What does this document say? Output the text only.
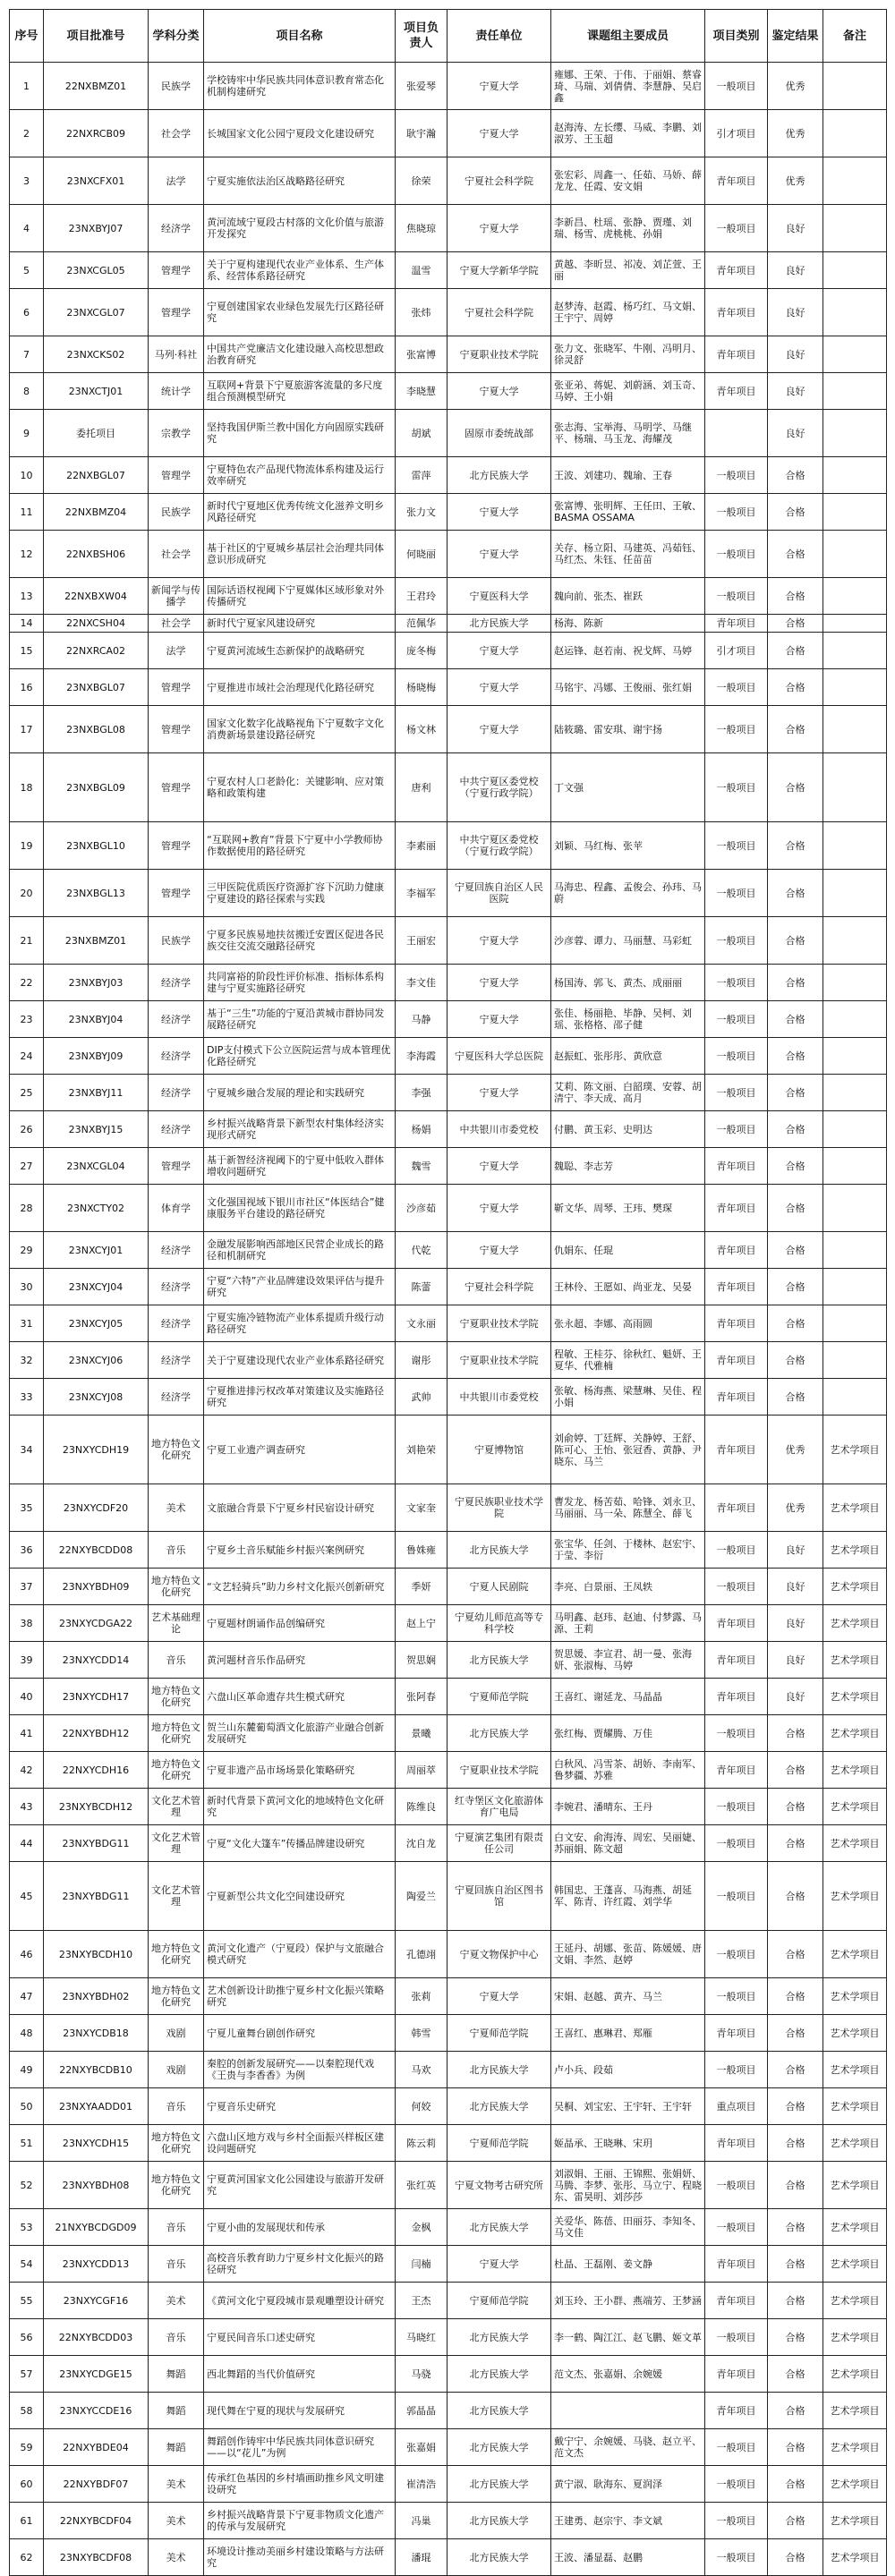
序号	项目批准号	学科分类	项目名称	项目负责人	责任单位	课题组主要成员	项目类别	鉴定结果	备注
1	22NXBMZ01	民族学	学校铸牢中华民族共同体意识教育常态化机制构建研究	张爱琴	宁夏大学	雍娜、王荣、于伟、于丽娟、蔡睿琦、马瑞、刘倩倩、李慧静、吴启鑫	一般项目	优秀	
2	22NXRCB09	社会学	长城国家文化公园宁夏段文化建设研究	耿宇瀚	宁夏大学	赵海涛、左长缨、马威、李鹏、刘淑芳、王玉超	引才项目	优秀	
3	23NXCFX01	法学	宁夏实施依法治区战略路径研究	徐荣	宁夏社会科学院	张宏彩、周鑫一、任茹、马娇、薛龙龙、任霞、安文娟	青年项目	优秀	
4	23NXBYJ07	经济学	黄河流域宁夏段古村落的文化价值与旅游开发探究	焦晓琼	宁夏大学	李新昌、杜瑶、张静、贾瑾、刘瑞、杨雪、虎桃桃、孙娟	一般项目	良好	
5	23NXCGL05	管理学	关于宁夏构建现代农业产业体系、生产体系、经营体系路径研究	温雪	宁夏大学新华学院	黄越、李昕昱、祁凌、刘芷萱、王丽	青年项目	良好	
6	23NXCGL07	管理学	宁夏创建国家农业绿色发展先行区路径研究	张炜	宁夏社会科学院	赵梦涛、赵霞、杨巧红、马文娟、王宇宁、周婷	青年项目	良好	
7	23NXCKS02	马列·科社	中国共产党廉洁文化建设融入高校思想政治教育研究	张富博	宁夏职业技术学院	张力文、张晓军、牛刚、冯明月、徐灵舒	青年项目	良好	
8	23NXCTJ01	统计学	互联网+背景下宁夏旅游客流量的多尺度组合预测模型研究	李晓慧	宁夏大学	张亚弟、蒋妮、刘蔚涵、刘玉奇、马婷、王小娟	青年项目	良好	
9	委托项目	宗教学	坚持我国伊斯兰教中国化方向固原实践研究	胡斌	固原市委统战部	张志海、宝举海、马明学、马继平、杨瑞、马玉龙、海耀茂		良好	
10	22NXBGL07	管理学	宁夏特色农产品现代物流体系构建及运行效率研究	雷萍	北方民族大学	王波、刘建功、魏瑜、王春	一般项目	合格	
11	22NXBMZ04	民族学	新时代宁夏地区优秀传统文化滋养文明乡风路径研究	张力文	宁夏大学	张富博、张明辉、王任田、王敏、BASMA OSSAMA	一般项目	合格	
12	22NXBSH06	社会学	基于社区的宁夏城乡基层社会治理共同体意识形成研究	何晓丽	宁夏大学	关存、杨立阳、马建英、冯茹钰、马红杰、朱钰、任苗苗	一般项目	合格	
13	22NXBXW04	新闻学与传播学	国际话语权视阈下宁夏媒体区域形象对外传播研究	王君玲	宁夏医科大学	魏向前、张杰、崔跃	一般项目	合格	
14	22NXCSH04	社会学	新时代宁夏家风建设研究	范佩华	北方民族大学	杨海、陈新	青年项目	合格	
15	22NXRCA02	法学	宁夏黄河流域生态新保护的战略研究	庞冬梅	宁夏大学	赵运锋、赵若南、祝戈辉、马婷	引才项目	合格	
16	23NXBGL07	管理学	宁夏推进市域社会治理现代化路径研究	杨晓梅	宁夏大学	马铭宇、冯娜、王俊丽、张红娟	一般项目	合格	
17	23NXBGL08	管理学	国家文化数字化战略视角下宁夏数字文化消费新场景建设路径研究	杨文林	宁夏大学	陆筱璐、雷安琪、谢宇扬	一般项目	合格	
18	23NXBGL09	管理学	宁夏农村人口老龄化：关键影响、应对策略和政策构建	唐利	中共宁夏区委党校（宁夏行政学院）	丁文强	一般项目	合格	
19	23NXBGL10	管理学	“互联网+教育”背景下宁夏中小学教师协作数据使用的路径研究	李素丽	中共宁夏区委党校（宁夏行政学院）	刘颖、马红梅、张苹	一般项目	合格	
20	23NXBGL13	管理学	三甲医院优质医疗资源扩容下沉助力健康宁夏建设的路径探索与实践	李福军	宁夏回族自治区人民医院	马海忠、程鑫、孟俊会、孙玮、马蔚	一般项目	合格	
21	23NXBMZ01	民族学	宁夏多民族易地扶贫搬迁安置区促进各民族交往交流交融路径研究	王丽宏	宁夏大学	沙彦蓉、谭力、马丽慧、马彩虹	一般项目	合格	
22	23NXBYJ03	经济学	共同富裕的阶段性评价标准、指标体系构建与宁夏实施路径研究	李文佳	宁夏大学	杨国涛、郭飞、黄杰、成丽丽	一般项目	合格	
23	23NXBYJ04	经济学	基于“三生”功能的宁夏沿黄城市群协同发展路径研究	马静	宁夏大学	张佳、杨丽艳、毕静、吴柯、刘瑶、张格格、邵子健	一般项目	合格	
24	23NXBYJ09	经济学	DIP支付模式下公立医院运营与成本管理优化路径研究	李海霞	宁夏医科大学总医院	赵振虹、张彤彤、黄欣意	一般项目	合格	
25	23NXBYJ11	经济学	宁夏城乡融合发展的理论和实践研究	李强	宁夏大学	艾莉、陈文丽、白韶璞、安蓉、胡清宁、李天成、高月	一般项目	合格	
26	23NXBYJ15	经济学	乡村振兴战略背景下新型农村集体经济实现形式研究	杨娟	中共银川市委党校	付鹏、黄玉彩、史明达	一般项目	合格	
27	23NXCGL04	管理学	基于新智经济视阈下的宁夏中低收入群体增收问题研究	魏雪	宁夏大学	魏聪、李志芳	青年项目	合格	
28	23NXCTY02	体育学	文化强国视域下银川市社区“体医结合”健康服务平台建设的路径研究	沙彦茹	宁夏大学	靳文华、周琴、王玮、樊琛	青年项目	合格	
29	23NXCYJ01	经济学	金融发展影响西部地区民营企业成长的路径和机制研究	代乾	宁夏大学	仇娟东、任琨	青年项目	合格	
30	23NXCYJ04	经济学	宁夏“六特”产业品牌建设效果评估与提升研究	陈蕾	宁夏社会科学院	王林伶、王愿如、尚亚龙、吴晏	青年项目	合格	
31	23NXCYJ05	经济学	宁夏实施冷链物流产业体系提质升级行动路径研究	文永丽	宁夏职业技术学院	张永超、李娜、高雨圆	青年项目	合格	
32	23NXCYJ06	经济学	关于宁夏建设现代农业产业体系路径研究	谢彤	宁夏职业技术学院	程敏、王桂芬、徐秋红、魁妍、王夏华、代雅楠	青年项目	合格	
33	23NXCYJ08	经济学	宁夏推进排污权改革对策建议及实施路径研究	武帅	中共银川市委党校	张敏、杨海燕、梁慧琳、吴佳、程小娟	青年项目	合格	
34	23NXYCDH19	地方特色文化研究	宁夏工业遗产调查研究	刘艳荣	宁夏博物馆	刘俞婷、丁廷辉、关静婷、王舒、陈可心、王怡、张冠香、黄静、尹晓东、马兰	青年项目	优秀	艺术学项目
35	23NXYCDF20	美术	文旅融合背景下宁夏乡村民宿设计研究	文家奎	宁夏民族职业技术学院	曹发龙、杨苦茹、哈锋、刘永卫、马丽丽、马一朵、陈慧全、薛飞	青年项目	优秀	艺术学项目
36	22NXYBCDD08	音乐	宁夏乡土音乐赋能乡村振兴案例研究	鲁姝雍	北方民族大学	张宝华、任剑、于楼林、赵宏宇、于莹、李衍	一般项目	良好	艺术学项目
37	23NXYBDH09	地方特色文化研究	“文艺轻骑兵”助力乡村文化振兴创新研究	季妍	宁夏人民剧院	李亮、白景丽、王凤轶	一般项目	良好	艺术学项目
38	23NXYCDGA22	艺术基础理论	宁夏题材朗诵作品创编研究	赵上宁	宁夏幼儿师范高等专科学校	马明鑫、赵玮、赵迪、付梦露、马源、王莉	青年项目	良好	艺术学项目
39	23NXYCDD14	音乐	黄河题材音乐作品研究	贺思娴	北方民族大学	贺思媛、李宣君、胡一曼、张海妍、张淑梅、马婷	青年项目	良好	艺术学项目
40	23NXYCDH17	地方特色文化研究	六盘山区革命遗存共生模式研究	张阿春	宁夏师范学院	王喜红、谢延龙、马晶晶	青年项目	良好	艺术学项目
41	22NXYBDH12	地方特色文化研究	贺兰山东麓葡萄酒文化旅游产业融合创新发展研究	景曦	北方民族大学	张红梅、贾耀腾、万佳	一般项目	合格	艺术学项目
42	22NXYCDH16	地方特色文化研究	宁夏非遗产品市场场景化策略研究	周丽萃	宁夏职业技术学院	白秋风、冯雪茶、胡娇、李南军、鲁梦疆、苏雅	青年项目	合格	艺术学项目
43	23NXYBCDH12	文化艺术管理	新时代背景下黄河文化的地域特色文化研究	陈维良	红寺堡区文化旅游体育广电局	李婉君、潘晴东、王丹	一般项目	合格	艺术学项目
44	23NXYBDG11	文化艺术管理	宁夏“文化大篷车”传播品牌建设研究	沈自龙	宁夏演艺集团有限责任公司	白文安、俞海涛、周宏、吴丽婕、苏丽娟、陈文超	一般项目	合格	艺术学项目
45	23NXYBDG11	文化艺术管理	宁夏新型公共文化空间建设研究	陶爱兰	宁夏回族自治区图书馆	韩国忠、王蓬喜、马海燕、胡延军、陈青、许红霞、刘学华	一般项目	合格	艺术学项目
46	23NXYBCDH10	地方特色文化研究	黄河文化遗产（宁夏段）保护与文旅融合模式研究	孔德翊	宁夏文物保护中心	王延丹、胡娜、张苗、陈媛媛、唐文娟、李然、赵婷	一般项目	合格	艺术学项目
47	23NXYBDH02	地方特色文化研究	艺术创新设计助推宁夏乡村文化振兴策略研究	张莉	宁夏大学	宋娟、赵越、黄卉、马兰	一般项目	合格	艺术学项目
48	23NXYCDB18	戏剧	宁夏儿童舞台剧创作研究	韩雪	宁夏师范学院	王喜红、惠琳君、郑雁	青年项目	合格	艺术学项目
49	22NXYBCDB10	戏剧	秦腔的创新发展研究——以秦腔现代戏《王贵与李香香》为例	马欢	北方民族大学	卢小兵、段茹	一般项目	合格	艺术学项目
50	23NXYAADD01	音乐	宁夏音乐史研究	何姣	北方民族大学	吴桐、刘宝宏、王宇轩、王宇轩	重点项目	合格	艺术学项目
51	23NXYCDH15	地方特色文化研究	六盘山区地方戏与乡村全面振兴样板区建设问题研究	陈云莉	宁夏师范学院	姬晶承、王晓琳、宋玥	青年项目	合格	艺术学项目
52	23NXYBDH08	地方特色文化研究	宁夏黄河国家文化公园建设与旅游开发研究	张红英	宁夏文物考古研究所	刘淑娟、王丽、王锦熙、张娟妍、马腾、李梦、张彤、马立宁、程晓东、雷昊明、刘莎莎	一般项目	合格	艺术学项目
53	21NXYBCDGD09	音乐	宁夏小曲的发展现状和传承	金枫	北方民族大学	关爱华、陈蓓、田丽芬、李知冬、马文佳	一般项目	合格	艺术学项目
54	23NXYCDD13	音乐	高校音乐教育助力宁夏乡村文化振兴的路径研究	闫楠	宁夏大学	杜晶、王磊刚、姜文静	青年项目	合格	艺术学项目
55	23NXYCGF16	美术	《黄河文化宁夏段城市景观雕塑设计研究	王杰	宁夏师范学院	刘玉玲、王小群、燕端芳、王梦涵	青年项目	合格	艺术学项目
56	22NXYBCDD03	音乐	宁夏民间音乐口述史研究	马晓红	北方民族大学	李一鹤、陶江江、赵飞鹏、姬文革	一般项目	合格	艺术学项目
57	23NXYCDGE15	舞蹈	西北舞蹈的当代价值研究	马骁	北方民族大学	范文杰、张嘉娟、余婉媛	青年项目	合格	艺术学项目
58	23NXYCCDE16	舞蹈	现代舞在宁夏的现状与发展研究	郭晶晶	北方民族大学		青年项目	合格	艺术学项目
59	22NXYBDE04	舞蹈	舞蹈创作铸牢中华民族共同体意识研究——以“花儿”为例	张嘉娟	北方民族大学	戴宁宁、余婉媛、马骁、赵立平、范文杰	一般项目	合格	艺术学项目
60	22NXYBDF07	美术	传承红色基因的乡村墙画助推乡风文明建设研究	崔清浩	北方民族大学	黄宁淑、耿海东、夏润泽	一般项目	合格	艺术学项目
61	22NXYBCDF04	美术	乡村振兴战略背景下宁夏非物质文化遗产的传承与发展研究	冯巢	北方民族大学	王建勇、赵宗宇、李文斌	一般项目	合格	艺术学项目
62	23NXYBCDF08	美术	环境设计推动美丽乡村建设策略与方法研究	潘琨	北方民族大学	王波、潘显磊、赵鹏	一般项目	合格	艺术学项目
